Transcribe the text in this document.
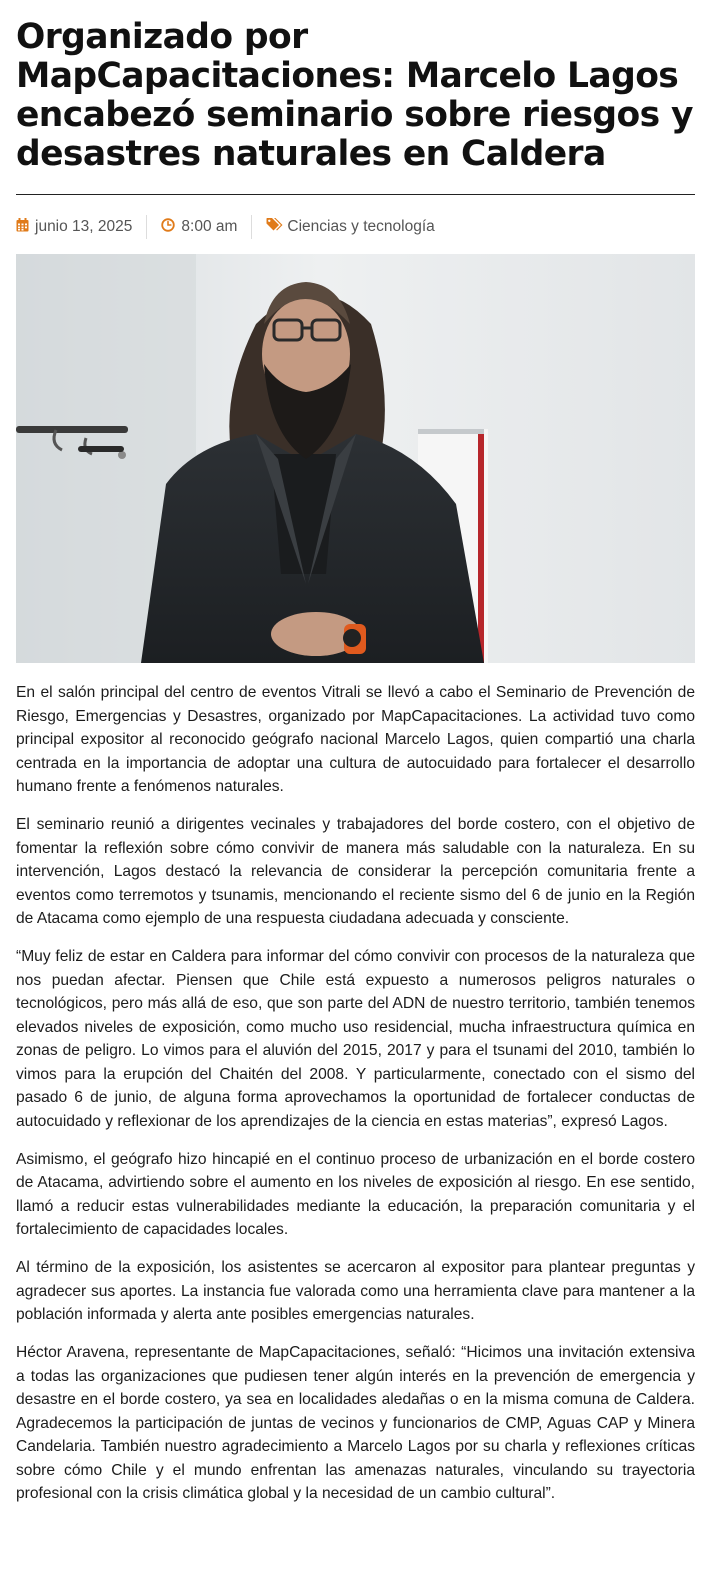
Organizado por MapCapacitaciones: Marcelo Lagos encabezó seminario sobre riesgos y desastres naturales en Caldera
junio 13, 2025	8:00 am	Ciencias y tecnología

En el salón principal del centro de eventos Vitrali se llevó a cabo el Seminario de Prevención de Riesgo, Emergencias y Desastres, organizado por MapCapacitaciones. La actividad tuvo como principal expositor al reconocido geógrafo nacional Marcelo Lagos, quien compartió una charla centrada en la importancia de adoptar una cultura de autocuidado para fortalecer el desarrollo humano frente a fenómenos naturales.

El seminario reunió a dirigentes vecinales y trabajadores del borde costero, con el objetivo de fomentar la reflexión sobre cómo convivir de manera más saludable con la naturaleza. En su intervención, Lagos destacó la relevancia de considerar la percepción comunitaria frente a eventos como terremotos y tsunamis, mencionando el reciente sismo del 6 de junio en la Región de Atacama como ejemplo de una respuesta ciudadana adecuada y consciente.

“Muy feliz de estar en Caldera para informar del cómo convivir con procesos de la naturaleza que nos puedan afectar. Piensen que Chile está expuesto a numerosos peligros naturales o tecnológicos, pero más allá de eso, que son parte del ADN de nuestro territorio, también tenemos elevados niveles de exposición, como mucho uso residencial, mucha infraestructura química en zonas de peligro. Lo vimos para el aluvión del 2015, 2017 y para el tsunami del 2010, también lo vimos para la erupción del Chaitén del 2008. Y particularmente, conectado con el sismo del pasado 6 de junio, de alguna forma aprovechamos la oportunidad de fortalecer conductas de autocuidado y reflexionar de los aprendizajes de la ciencia en estas materias”, expresó Lagos.

Asimismo, el geógrafo hizo hincapié en el continuo proceso de urbanización en el borde costero de Atacama, advirtiendo sobre el aumento en los niveles de exposición al riesgo. En ese sentido, llamó a reducir estas vulnerabilidades mediante la educación, la preparación comunitaria y el fortalecimiento de capacidades locales.

Al término de la exposición, los asistentes se acercaron al expositor para plantear preguntas y agradecer sus aportes. La instancia fue valorada como una herramienta clave para mantener a la población informada y alerta ante posibles emergencias naturales.

Héctor Aravena, representante de MapCapacitaciones, señaló: “Hicimos una invitación extensiva a todas las organizaciones que pudiesen tener algún interés en la prevención de emergencia y desastre en el borde costero, ya sea en localidades aledañas o en la misma comuna de Caldera. Agradecemos la participación de juntas de vecinos y funcionarios de CMP, Aguas CAP y Minera Candelaria. También nuestro agradecimiento a Marcelo Lagos por su charla y reflexiones críticas sobre cómo Chile y el mundo enfrentan las amenazas naturales, vinculando su trayectoria profesional con la crisis climática global y la necesidad de un cambio cultural”.
